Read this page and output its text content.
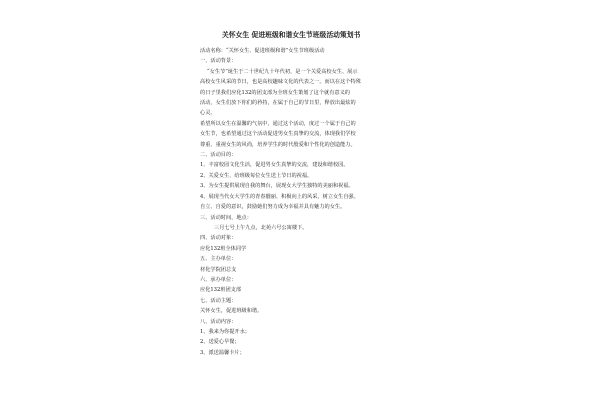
关怀女生 促进班级和谐女生节班级活动策划书
活动名称：“关怀女生、促进班级和谐”女生节班级活动
一、活动背景：
“女生节”诞生于二十世纪九十年代初，是一个关爱高校女生、展示
高校女生风采的节日，也是高校趣味文化的代表之一。而以在这个特殊
的日子里我们应化132的团支部为全班女生策划了这个就有意义的
活动，女生们放下你们的矜持，在属于自己的节日里，释放出最炫的
心灵。
希望所以女生在温馨的气氛中，通过这个活动，度过一个属于自己的
女生节，也希望通过这个活动促进男女生真挚的交流，体现我们学校
尊重、重视女生的风尚，培养学生的时代殷爱和个性化的创造能力。
二、活动目的：
1、丰富校园文化生活，促进男女生真挚的交流，建设和谐校园。
2、关爱女生，给班级每位女生送上节日的祝福。
3、为女生提供展现自我的舞台，展现女大学生独特的美丽和祝福。
4、展现当代女大学生的青春靓丽、积极向上的风采，树立女生自强、
自立、自爱的意识，鼓励她们努力成为幸福并具有魅力的女生。
三、活动时间、地点：
三月七号上午九点，北苑六号公寓楼下。
四、活动对象：
应化132班全体同学
五、主办单位：
材化学院团总支
六、承办单位：
应化132班团支部
七、活动主题：
关怀女生，促进班级和谐。
八、活动内容：
1、我来为你提开水；
2、送爱心早餐；
3、派送温馨卡片；
